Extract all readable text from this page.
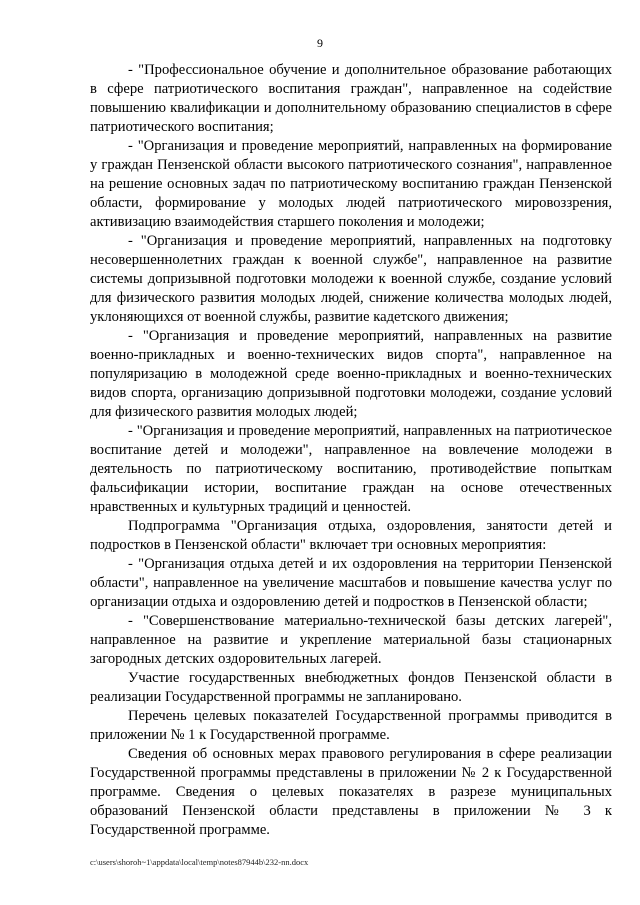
9

- "Профессиональное обучение и дополнительное образование работающих в сфере патриотического воспитания граждан", направленное на содействие повышению квалификации и дополнительному образованию специалистов в сфере патриотического воспитания;

- "Организация и проведение мероприятий, направленных на формирование у граждан Пензенской области высокого патриотического сознания", направленное на решение основных задач по патриотическому воспитанию граждан Пензенской области, формирование у молодых людей патриотического мировоззрения, активизацию взаимодействия старшего поколения и молодежи;

- "Организация и проведение мероприятий, направленных на подготовку несовершеннолетних граждан к военной службе", направленное на развитие системы допризывной подготовки молодежи к военной службе, создание условий для физического развития молодых людей, снижение количества молодых людей, уклоняющихся от военной службы, развитие кадетского движения;

- "Организация и проведение мероприятий, направленных на развитие военно-прикладных и военно-технических видов спорта", направленное на популяризацию в молодежной среде военно-прикладных и военно-технических видов спорта, организацию допризывной подготовки молодежи, создание условий для физического развития молодых людей;

- "Организация и проведение мероприятий, направленных на патриотическое воспитание детей и молодежи", направленное на вовлечение молодежи в деятельность по патриотическому воспитанию, противодействие попыткам фальсификации истории, воспитание граждан на основе отечественных нравственных и культурных традиций и ценностей.

Подпрограмма "Организация отдыха, оздоровления, занятости детей и подростков в Пензенской области" включает три основных мероприятия:

- "Организация отдыха детей и их оздоровления на территории Пензенской области", направленное на увеличение масштабов и повышение качества услуг по организации отдыха и оздоровлению детей и подростков в Пензенской области;

- "Совершенствование материально-технической базы детских лагерей", направленное на развитие и укрепление материальной базы стационарных загородных детских оздоровительных лагерей.

Участие государственных внебюджетных фондов Пензенской области в реализации Государственной программы не запланировано.

Перечень целевых показателей Государственной программы приводится в приложении № 1 к Государственной программе.

Сведения об основных мерах правового регулирования в сфере реализации Государственной программы представлены в приложении № 2 к Государственной программе. Сведения о целевых показателях в разрезе муниципальных образований Пензенской области представлены в приложении № 3 к Государственной программе.

c:\users\shoroh~1\appdata\local\temp\notes87944b\232-nn.docx
